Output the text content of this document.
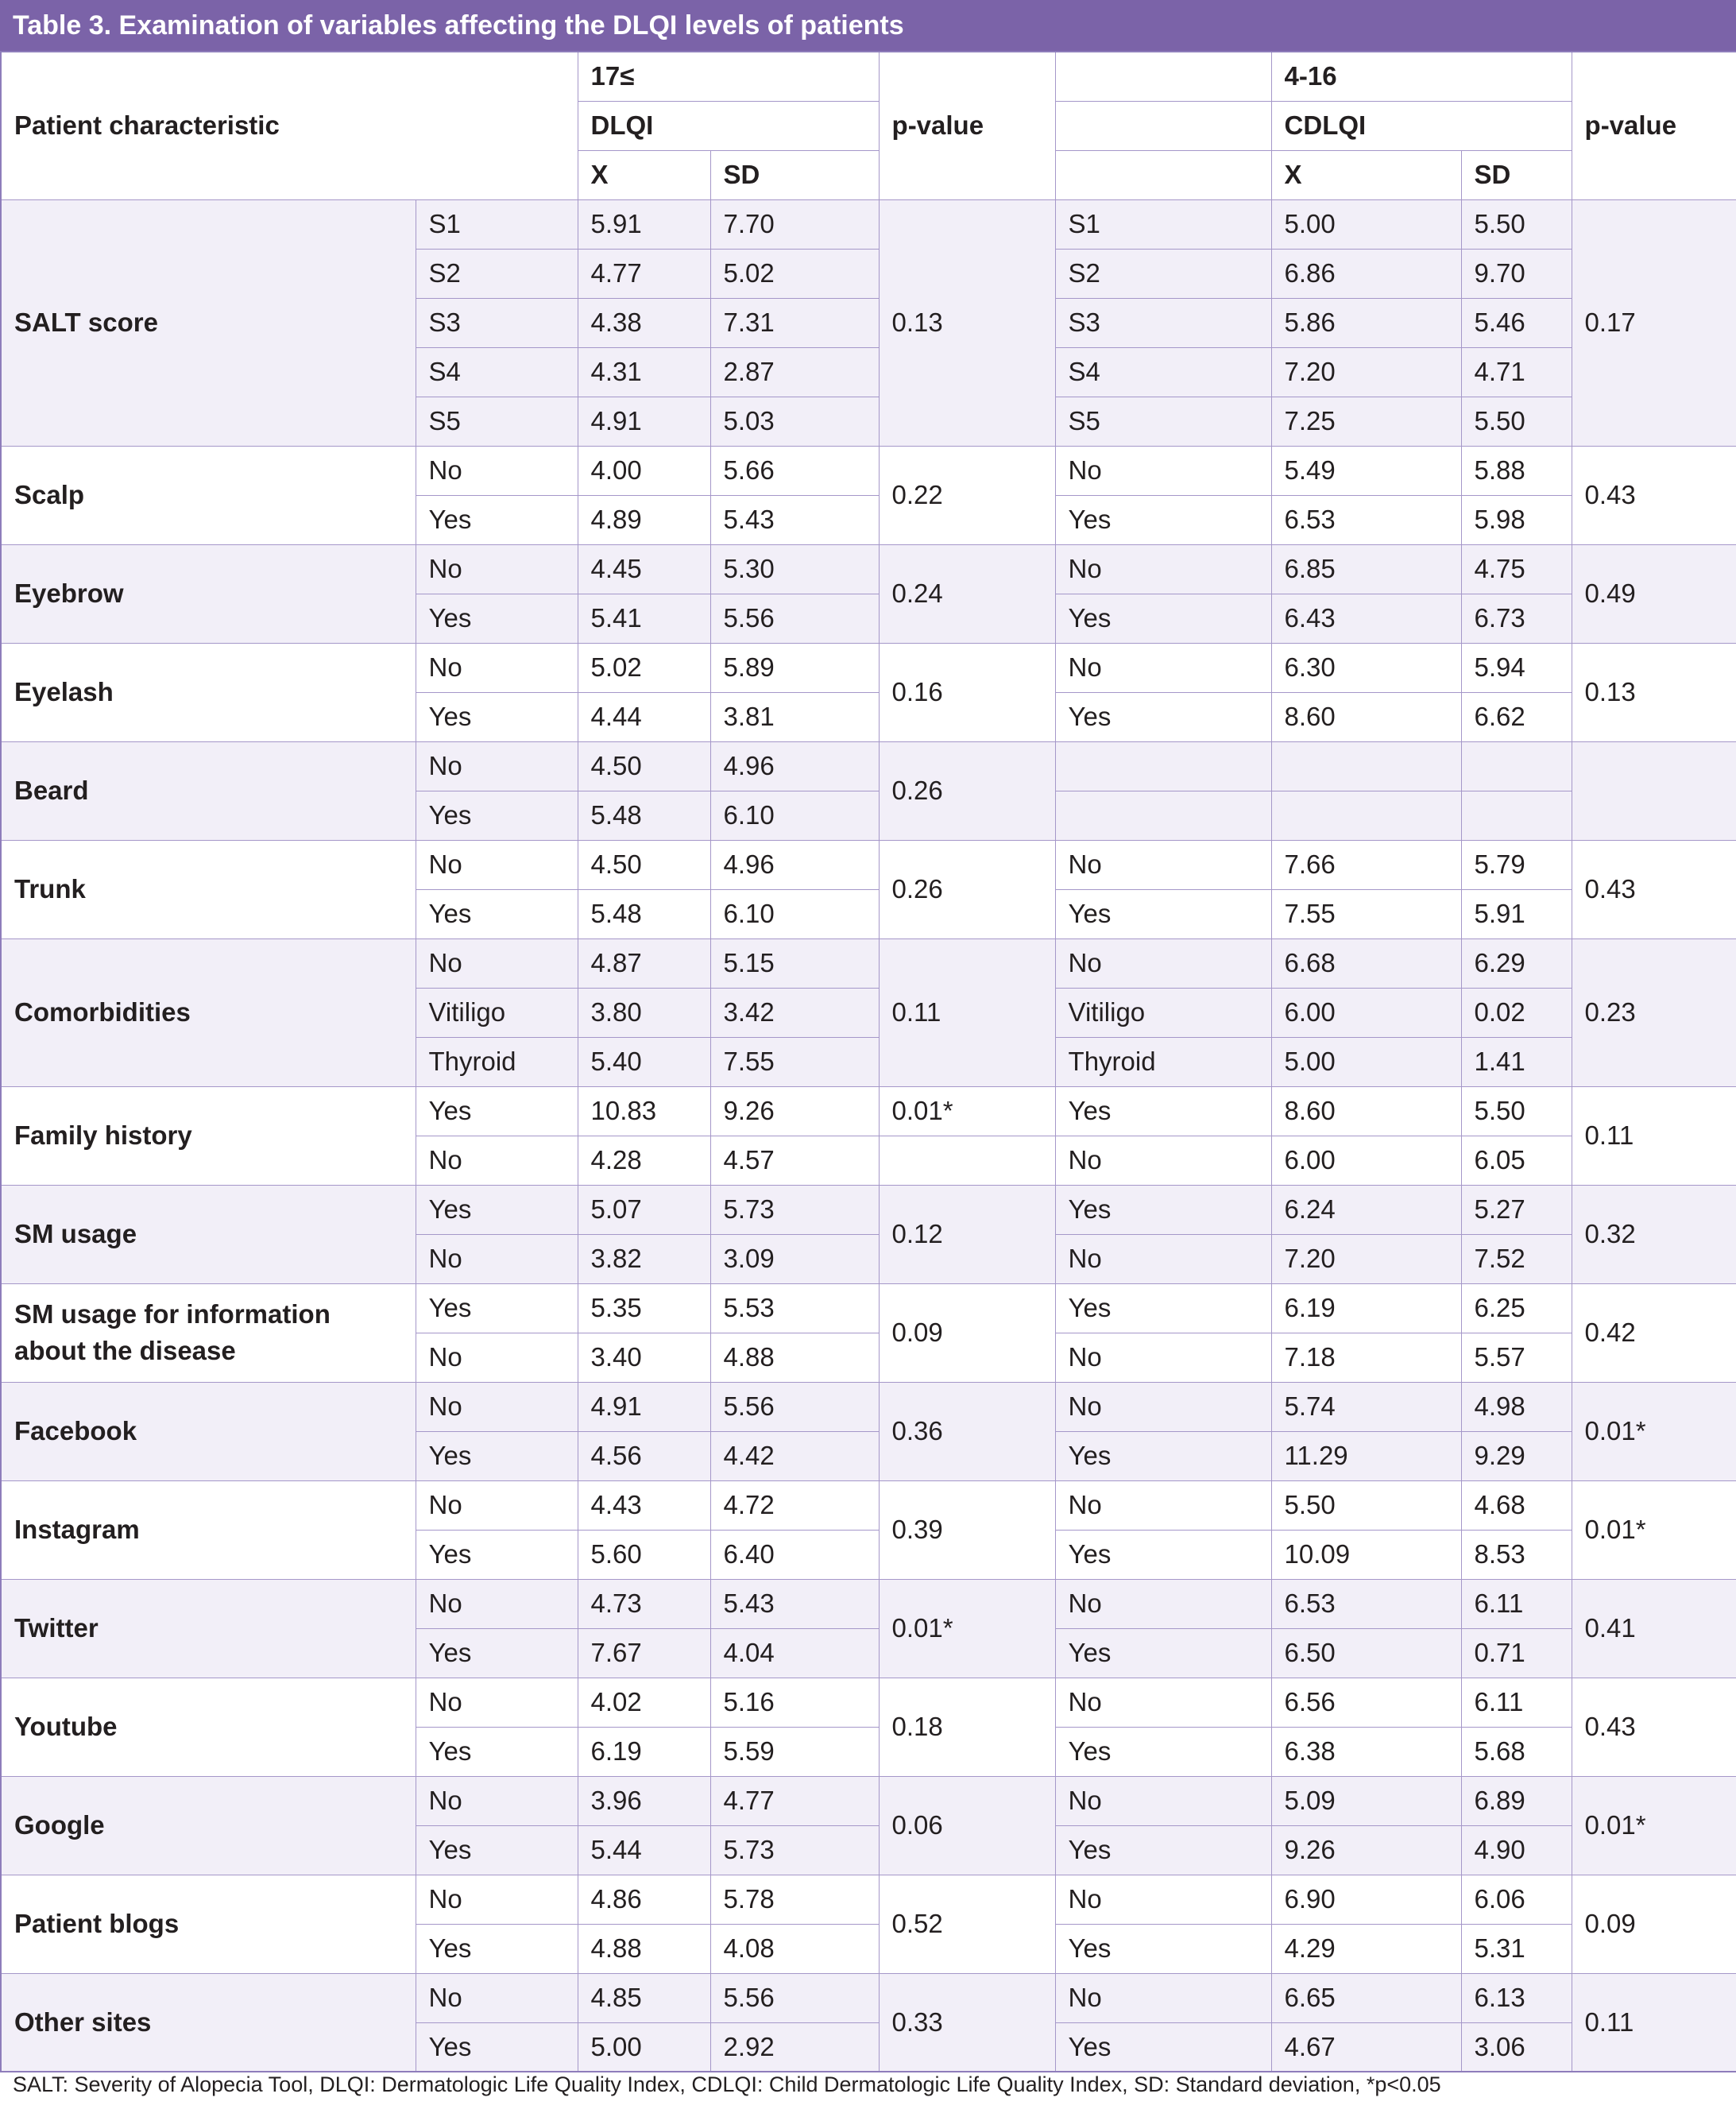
Table 3. Examination of variables affecting the DLQI levels of patients
Patient characteristic		17≤		p-value		4-16		p-value
		DLQI				CDLQI		
		X	SD			X	SD	
SALT score	S1	5.91	7.70	0.13	S1	5.00	5.50	0.17
	S2	4.77	5.02		S2	6.86	9.70	
	S3	4.38	7.31		S3	5.86	5.46	
	S4	4.31	2.87		S4	7.20	4.71	
	S5	4.91	5.03		S5	7.25	5.50	
Scalp	No	4.00	5.66	0.22	No	5.49	5.88	0.43
	Yes	4.89	5.43		Yes	6.53	5.98	
Eyebrow	No	4.45	5.30	0.24	No	6.85	4.75	0.49
	Yes	5.41	5.56		Yes	6.43	6.73	
Eyelash	No	5.02	5.89	0.16	No	6.30	5.94	0.13
	Yes	4.44	3.81		Yes	8.60	6.62	
Beard	No	4.50	4.96	0.26				
	Yes	5.48	6.10					
Trunk	No	4.50	4.96	0.26	No	7.66	5.79	0.43
	Yes	5.48	6.10		Yes	7.55	5.91	
Comorbidities	No	4.87	5.15	0.11	No	6.68	6.29	0.23
	Vitiligo	3.80	3.42		Vitiligo	6.00	0.02	
	Thyroid	5.40	7.55		Thyroid	5.00	1.41	
Family history	Yes	10.83	9.26	0.01*	Yes	8.60	5.50	0.11
	No	4.28	4.57		No	6.00	6.05	
SM usage	Yes	5.07	5.73	0.12	Yes	6.24	5.27	0.32
	No	3.82	3.09		No	7.20	7.52	
SM usage for information about the disease	Yes	5.35	5.53	0.09	Yes	6.19	6.25	0.42
	No	3.40	4.88		No	7.18	5.57	
Facebook	No	4.91	5.56	0.36	No	5.74	4.98	0.01*
	Yes	4.56	4.42		Yes	11.29	9.29	
Instagram	No	4.43	4.72	0.39	No	5.50	4.68	0.01*
	Yes	5.60	6.40		Yes	10.09	8.53	
Twitter	No	4.73	5.43	0.01*	No	6.53	6.11	0.41
	Yes	7.67	4.04		Yes	6.50	0.71	
Youtube	No	4.02	5.16	0.18	No	6.56	6.11	0.43
	Yes	6.19	5.59		Yes	6.38	5.68	
Google	No	3.96	4.77	0.06	No	5.09	6.89	0.01*
	Yes	5.44	5.73		Yes	9.26	4.90	
Patient blogs	No	4.86	5.78	0.52	No	6.90	6.06	0.09
	Yes	4.88	4.08		Yes	4.29	5.31	
Other sites	No	4.85	5.56	0.33	No	6.65	6.13	0.11
	Yes	5.00	2.92		Yes	4.67	3.06	
SALT: Severity of Alopecia Tool, DLQI: Dermatologic Life Quality Index, CDLQI: Child Dermatologic Life Quality Index, SD: Standard deviation, *p<0.05
